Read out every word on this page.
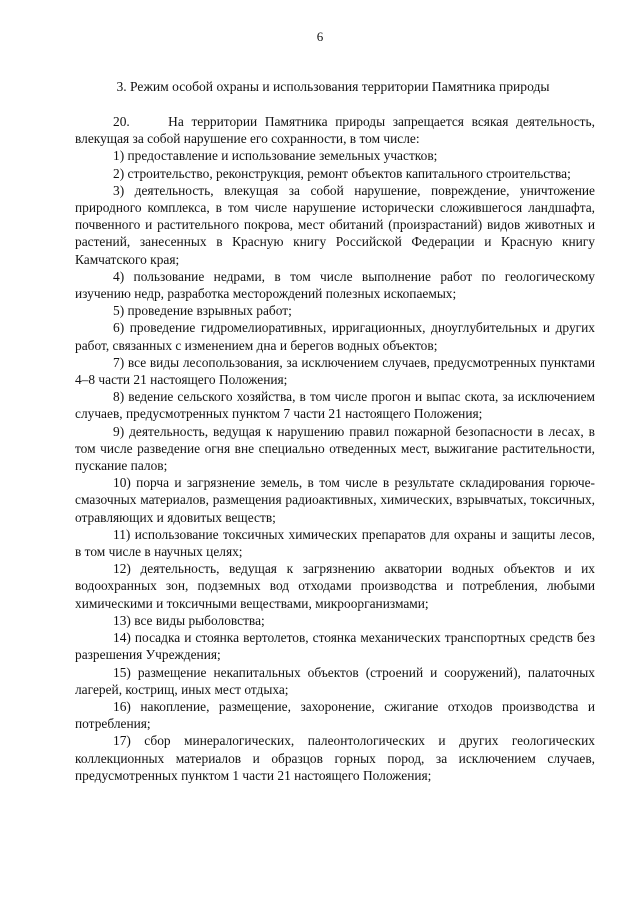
6
3. Режим особой охраны и использования территории Памятника природы

20.     На территории Памятника природы запрещается всякая деятельность, влекущая за собой нарушение его сохранности, в том числе:

1) предоставление и использование земельных участков;

2) строительство, реконструкция, ремонт объектов капитального строительства;

3) деятельность, влекущая за собой нарушение, повреждение, уничтожение природного комплекса, в том числе нарушение исторически сложившегося ландшафта, почвенного и растительного покрова, мест обитаний (произрастаний) видов животных и растений, занесенных в Красную книгу Российской Федерации и Красную книгу Камчатского края;

4) пользование недрами, в том числе выполнение работ по геологическому изучению недр, разработка месторождений полезных ископаемых;

5) проведение взрывных работ;

6) проведение гидромелиоративных, ирригационных, дноуглубительных и других работ, связанных с изменением дна и берегов водных объектов;

7) все виды лесопользования, за исключением случаев, предусмотренных пунктами 4–8 части 21 настоящего Положения;

8) ведение сельского хозяйства, в том числе прогон и выпас скота, за исключением случаев, предусмотренных пунктом 7 части 21 настоящего Положения;

9) деятельность, ведущая к нарушению правил пожарной безопасности в лесах, в том числе разведение огня вне специально отведенных мест, выжигание растительности, пускание палов;

10) порча и загрязнение земель, в том числе в результате складирования горюче-смазочных материалов, размещения радиоактивных, химических, взрывчатых, токсичных, отравляющих и ядовитых веществ;

11) использование токсичных химических препаратов для охраны и защиты лесов, в том числе в научных целях;

12) деятельность, ведущая к загрязнению акватории водных объектов и их водоохранных зон, подземных вод отходами производства и потребления, любыми химическими и токсичными веществами, микроорганизмами;

13) все виды рыболовства;

14) посадка и стоянка вертолетов, стоянка механических транспортных средств без разрешения Учреждения;

15) размещение некапитальных объектов (строений и сооружений), палаточных лагерей, кострищ, иных мест отдыха;

16) накопление, размещение, захоронение, сжигание отходов производства и потребления;

17) сбор минералогических, палеонтологических и других геологических коллекционных материалов и образцов горных пород, за исключением случаев, предусмотренных пунктом 1 части 21 настоящего Положения;
